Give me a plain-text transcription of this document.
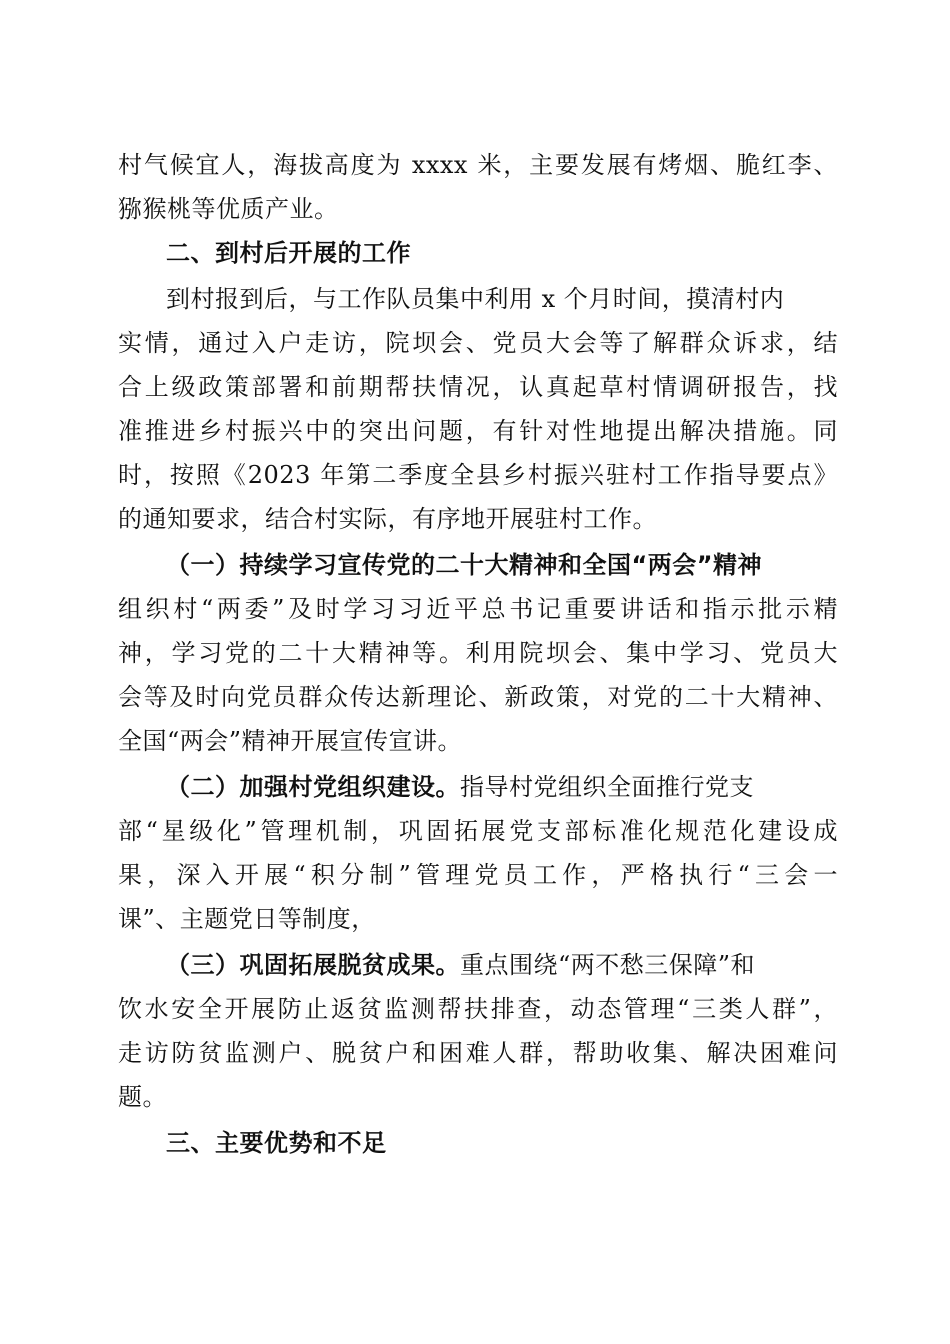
村气候宜人，海拔高度为 xxxx 米，主要发展有烤烟、脆红李、
猕猴桃等优质产业。
二、到村后开展的工作
到村报到后，与工作队员集中利用 x 个月时间，摸清村内
实情，通过入户走访，院坝会、党员大会等了解群众诉求，结
合上级政策部署和前期帮扶情况，认真起草村情调研报告，找
准推进乡村振兴中的突出问题，有针对性地提出解决措施。同
时，按照《2023 年第二季度全县乡村振兴驻村工作指导要点》
的通知要求，结合村实际，有序地开展驻村工作。
（一）持续学习宣传党的二十大精神和全国“两会”精神
组织村“两委”及时学习习近平总书记重要讲话和指示批示精
神，学习党的二十大精神等。利用院坝会、集中学习、党员大
会等及时向党员群众传达新理论、新政策，对党的二十大精神、
全国“两会”精神开展宣传宣讲。
（二）加强村党组织建设。指导村党组织全面推行党支
部“星级化”管理机制，巩固拓展党支部标准化规范化建设成
果，深入开展“积分制”管理党员工作，严格执行“三会一
课”、主题党日等制度，
（三）巩固拓展脱贫成果。重点围绕“两不愁三保障”和
饮水安全开展防止返贫监测帮扶排查，动态管理“三类人群”，
走访防贫监测户、脱贫户和困难人群，帮助收集、解决困难问
题。
三、主要优势和不足
